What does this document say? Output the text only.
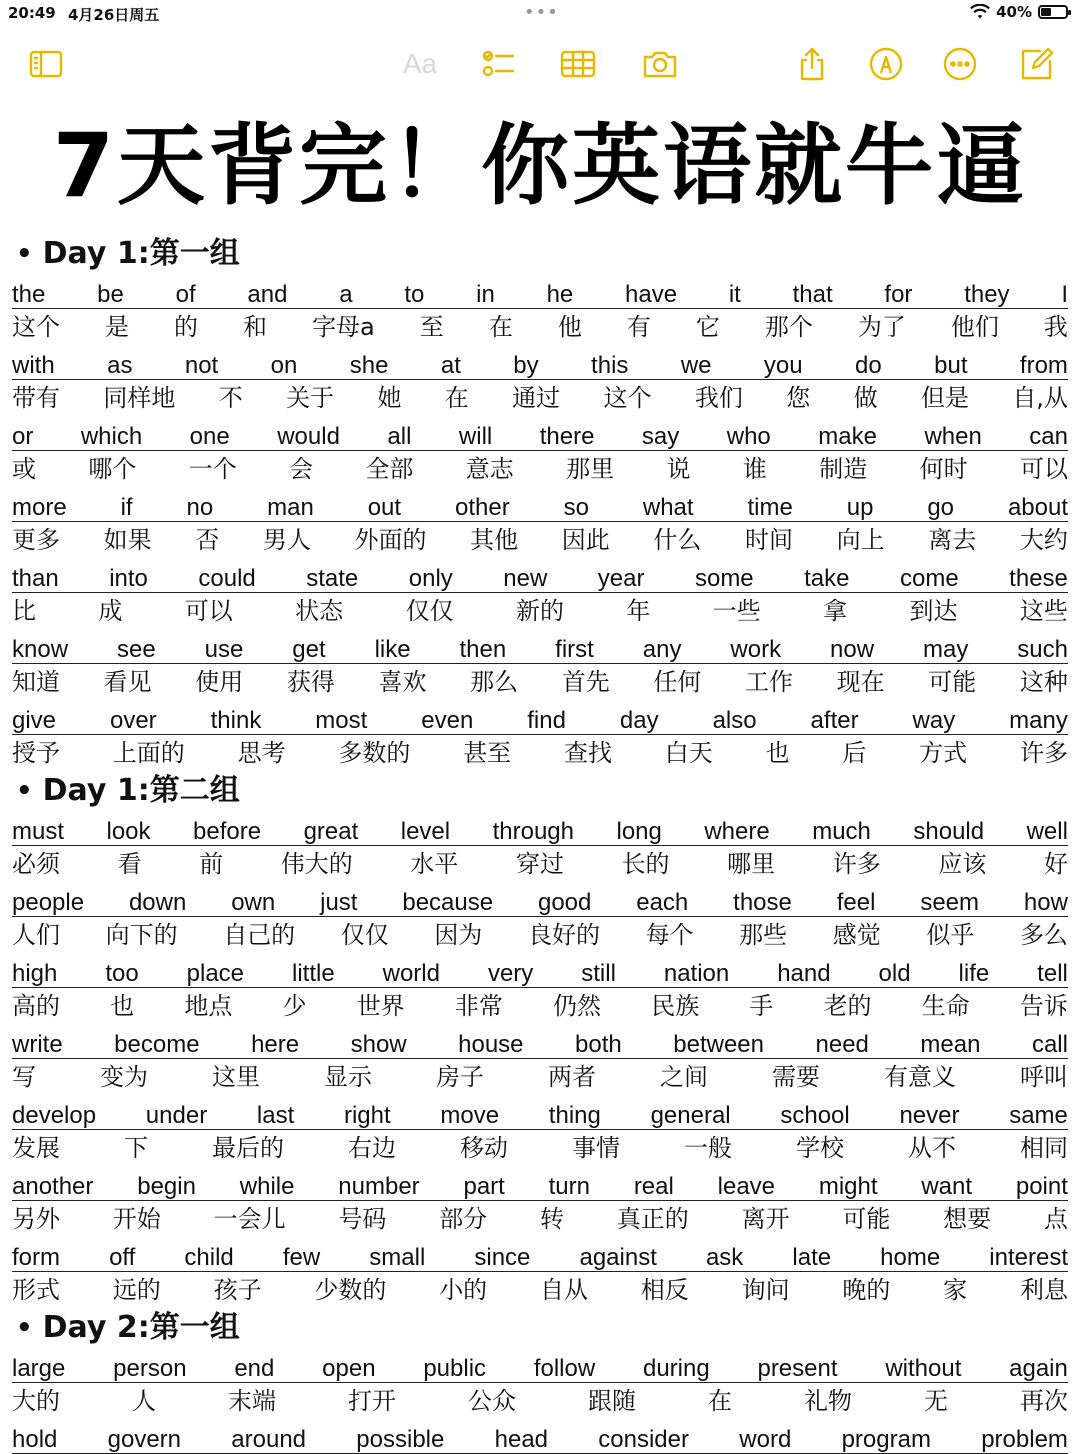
20:49 4月26日周五	•••	40%
Aa
7天背完！你英语就牛逼
• Day 1:第一组
the be of and a to in he have it that for they I
这个 是 的 和 字母a 至 在 他 有 它 那个 为了 他们 我
with as not on she at by this we you do but from
带有 同样地 不 关于 她 在 通过 这个 我们 您 做 但是 自,从
or which one would all will there say who make when can
或 哪个 一个 会 全部 意志 那里 说 谁 制造 何时 可以
more if no man out other so what time up go about
更多 如果 否 男人 外面的 其他 因此 什么 时间 向上 离去 大约
than into could state only new year some take come these
比	成	可以	状态	仅仅	新的	年	一些	拿	到达	这些
know see use get like then first any work now may such
知道 看见 使用 获得 喜欢 那么 首先 任何 工作 现在 可能 这种
give over think most even find day also after way many
授予 上面的 思考 多数的 甚至 查找 白天 也 后 方式 许多
• Day 1:第二组
must look before great level through long where much should well
必须 看 前 伟大的 水平 穿过 长的 哪里 许多 应该 好
people down own just because good each those feel seem how
人们 向下的 自己的 仅仅 因为 良好的 每个 那些 感觉 似乎 多么
high too place little world very still nation hand old life tell
高的 也 地点 少 世界 非常 仍然 民族 手 老的 生命 告诉
write become here show house both between need mean call
写	变为	这里	显示	房子	两者	之间	需要	有意义	呼叫
develop under last right move thing general school never same
发展	下	最后的	右边	移动	事情	一般	学校	从不	相同
another begin while number part turn real leave might want point
另外 开始 一会儿 号码 部分 转 真正的 离开 可能 想要 点
form off child few small since against ask late home interest
形式 远的 孩子 少数的 小的 自从 相反 询问 晚的 家 利息
• Day 2:第一组
large person end open public follow during present without again
大的	人	末端	打开	公众	跟随	在	礼物	无	再次
hold govern around possible head consider word program problem
